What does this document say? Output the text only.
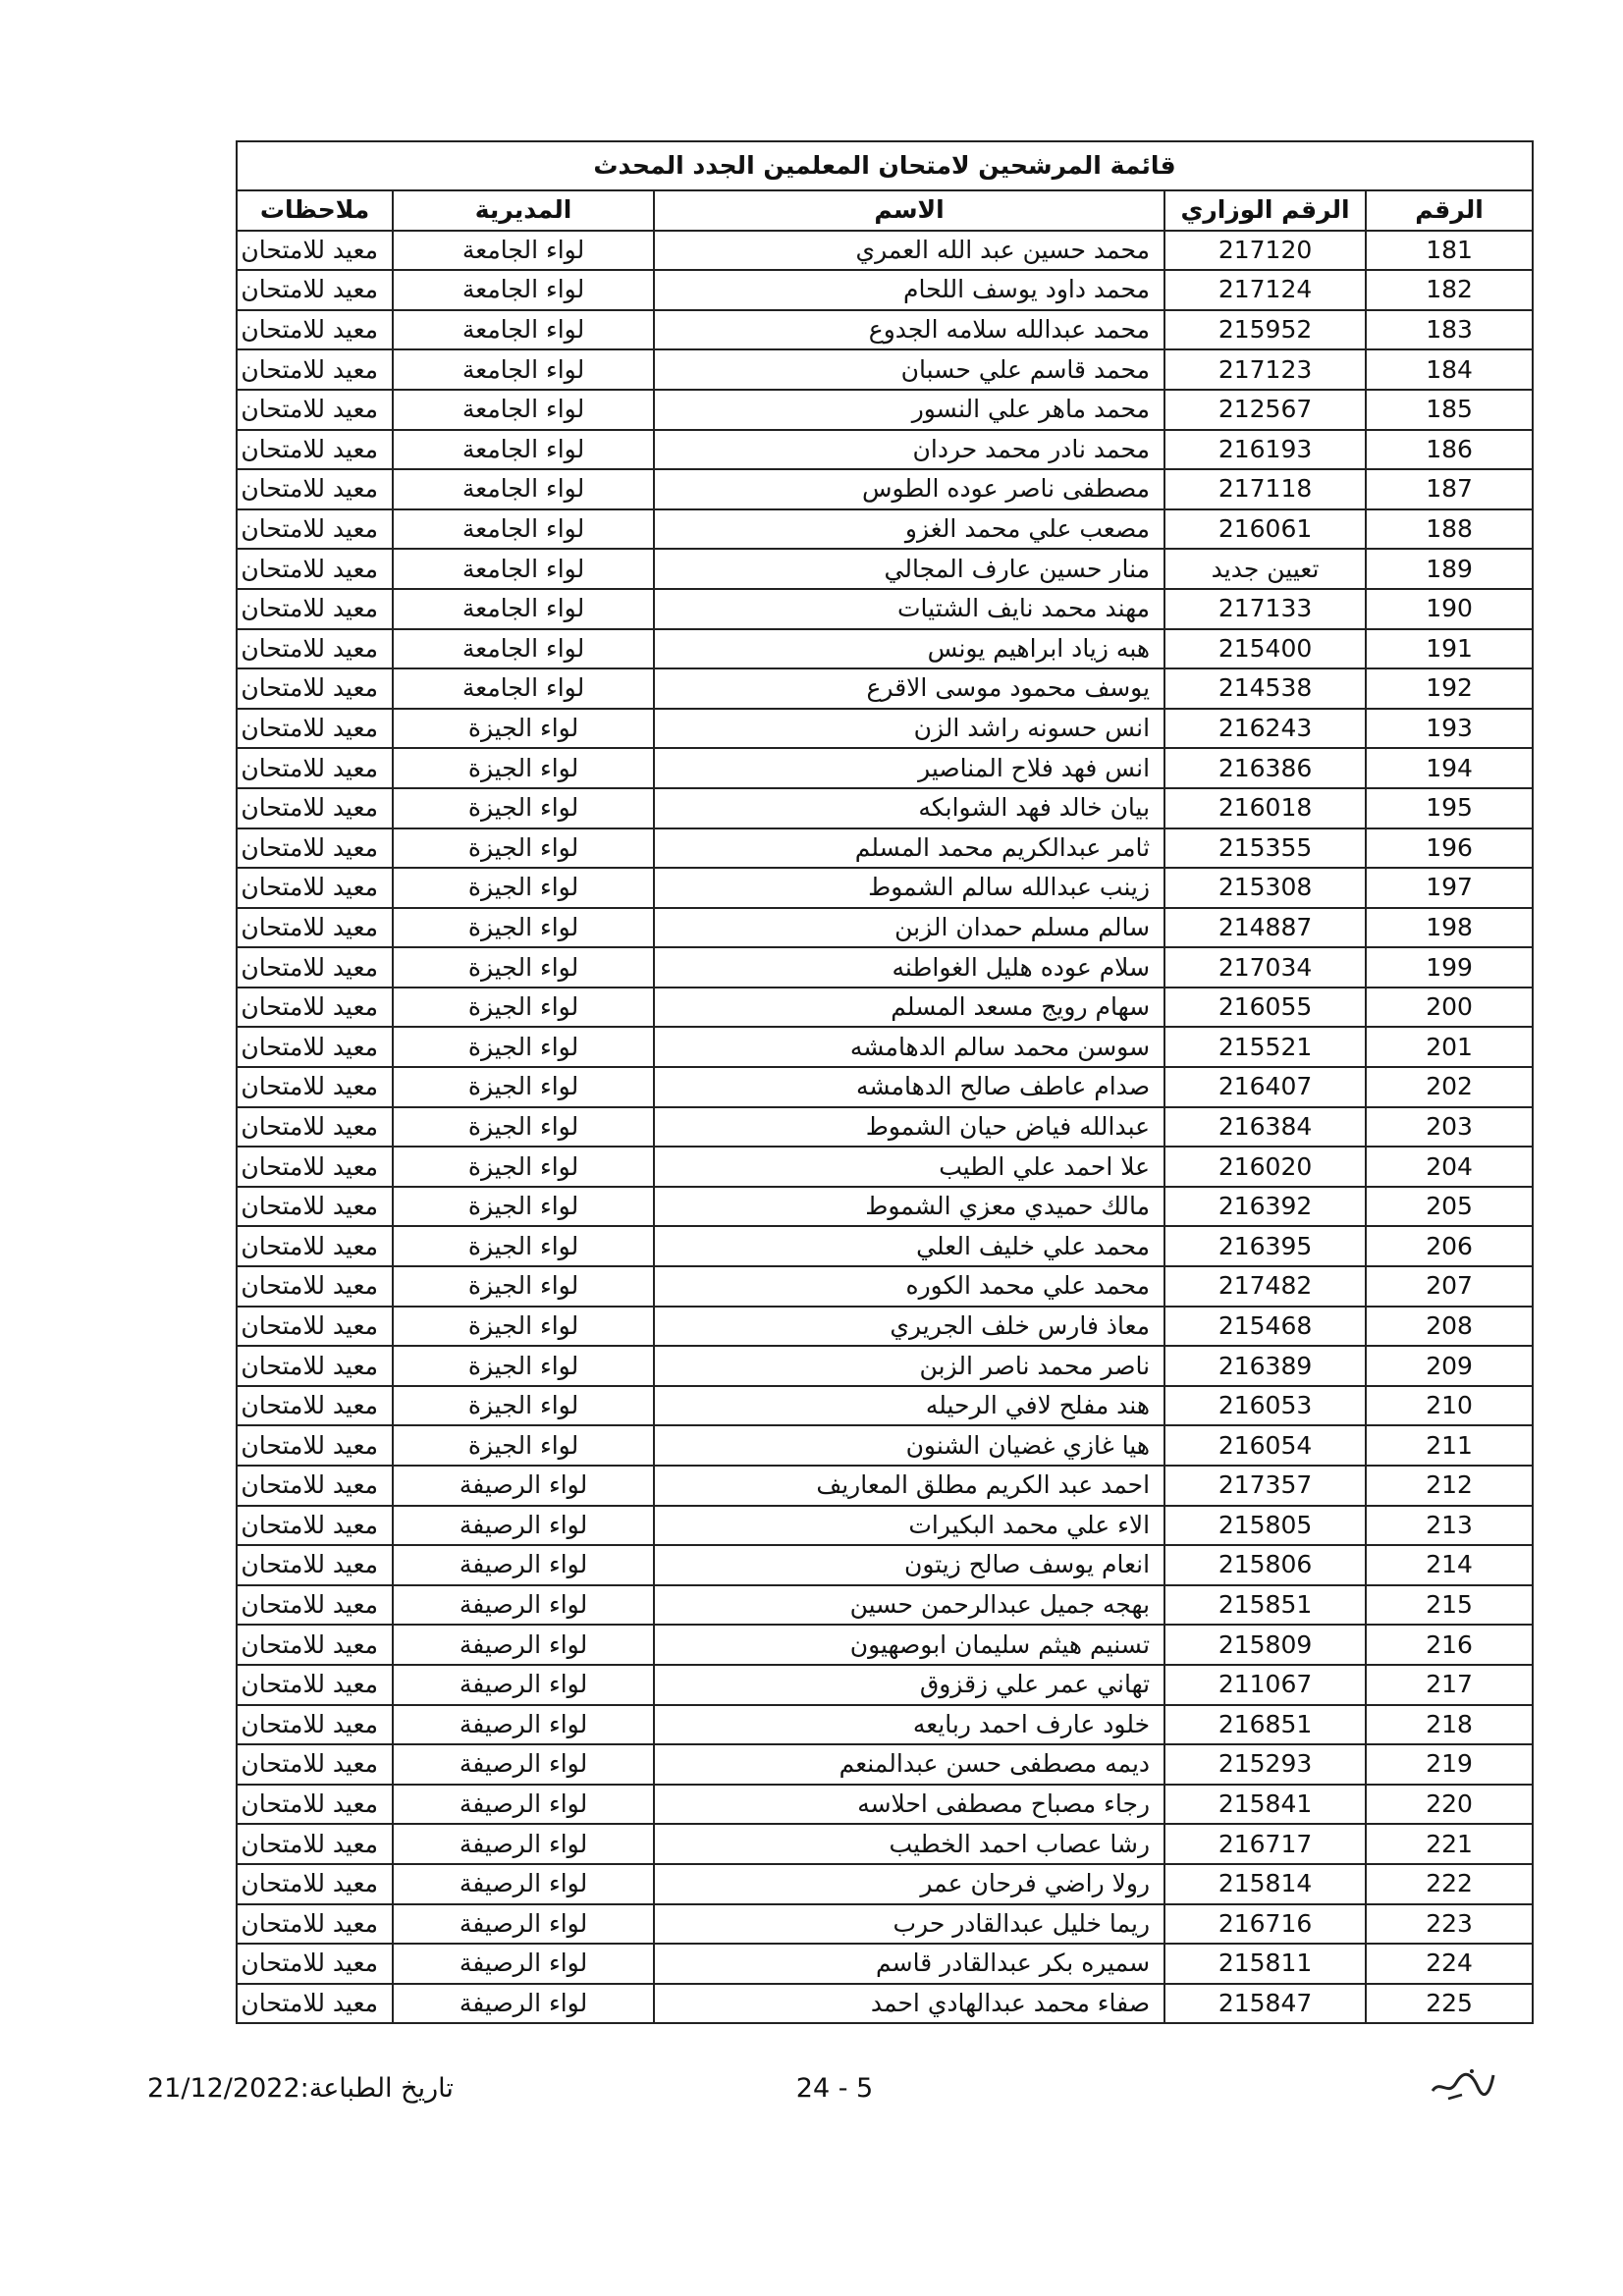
قائمة المرشحين لامتحان المعلمين الجدد المحدث				
الرقم	الرقم الوزاري	الاسم	المديرية	ملاحظات
181	217120	محمد حسين عبد الله العمري	لواء الجامعة	معيد للامتحان
182	217124	محمد داود يوسف اللحام	لواء الجامعة	معيد للامتحان
183	215952	محمد عبدالله سلامه الجدوع	لواء الجامعة	معيد للامتحان
184	217123	محمد قاسم علي حسبان	لواء الجامعة	معيد للامتحان
185	212567	محمد ماهر علي النسور	لواء الجامعة	معيد للامتحان
186	216193	محمد نادر محمد حردان	لواء الجامعة	معيد للامتحان
187	217118	مصطفى ناصر عوده الطوس	لواء الجامعة	معيد للامتحان
188	216061	مصعب علي محمد الغزو	لواء الجامعة	معيد للامتحان
189	تعيين جديد	منار حسين عارف المجالي	لواء الجامعة	معيد للامتحان
190	217133	مهند محمد نايف الشتيات	لواء الجامعة	معيد للامتحان
191	215400	هبه زياد ابراهيم يونس	لواء الجامعة	معيد للامتحان
192	214538	يوسف محمود موسى الاقرع	لواء الجامعة	معيد للامتحان
193	216243	انس حسونه راشد الزن	لواء الجيزة	معيد للامتحان
194	216386	انس فهد فلاح المناصير	لواء الجيزة	معيد للامتحان
195	216018	بيان خالد فهد الشوابكه	لواء الجيزة	معيد للامتحان
196	215355	ثامر عبدالكريم محمد المسلم	لواء الجيزة	معيد للامتحان
197	215308	زينب عبدالله سالم الشموط	لواء الجيزة	معيد للامتحان
198	214887	سالم مسلم حمدان الزبن	لواء الجيزة	معيد للامتحان
199	217034	سلام عوده هليل الغواطنه	لواء الجيزة	معيد للامتحان
200	216055	سهام رويج مسعد المسلم	لواء الجيزة	معيد للامتحان
201	215521	سوسن محمد سالم الدهامشه	لواء الجيزة	معيد للامتحان
202	216407	صدام عاطف صالح الدهامشه	لواء الجيزة	معيد للامتحان
203	216384	عبدالله فياض حيان الشموط	لواء الجيزة	معيد للامتحان
204	216020	علا احمد علي الطيب	لواء الجيزة	معيد للامتحان
205	216392	مالك حميدي معزي الشموط	لواء الجيزة	معيد للامتحان
206	216395	محمد علي خليف العلي	لواء الجيزة	معيد للامتحان
207	217482	محمد علي محمد الكوره	لواء الجيزة	معيد للامتحان
208	215468	معاذ فارس خلف الجريري	لواء الجيزة	معيد للامتحان
209	216389	ناصر محمد ناصر الزبن	لواء الجيزة	معيد للامتحان
210	216053	هند مفلح لافي الرحيله	لواء الجيزة	معيد للامتحان
211	216054	هيا غازي غضيان الشنون	لواء الجيزة	معيد للامتحان
212	217357	احمد عبد الكريم مطلق المعاريف	لواء الرصيفة	معيد للامتحان
213	215805	الاء علي محمد البكيرات	لواء الرصيفة	معيد للامتحان
214	215806	انعام يوسف صالح زيتون	لواء الرصيفة	معيد للامتحان
215	215851	بهجه جميل عبدالرحمن حسين	لواء الرصيفة	معيد للامتحان
216	215809	تسنيم هيثم سليمان ابوصهيون	لواء الرصيفة	معيد للامتحان
217	211067	تهاني عمر علي زقزوق	لواء الرصيفة	معيد للامتحان
218	216851	خلود عارف احمد ربايعه	لواء الرصيفة	معيد للامتحان
219	215293	ديمه مصطفى حسن عبدالمنعم	لواء الرصيفة	معيد للامتحان
220	215841	رجاء مصباح مصطفى احلاسه	لواء الرصيفة	معيد للامتحان
221	216717	رشا عصاب احمد الخطيب	لواء الرصيفة	معيد للامتحان
222	215814	رولا راضي فرحان عمر	لواء الرصيفة	معيد للامتحان
223	216716	ريما خليل عبدالقادر حرب	لواء الرصيفة	معيد للامتحان
224	215811	سميره بكر عبدالقادر قاسم	لواء الرصيفة	معيد للامتحان
225	215847	صفاء محمد عبدالهادي احمد	لواء الرصيفة	معيد للامتحان
تاريخ الطباعة:21/12/2022	24 - 5
